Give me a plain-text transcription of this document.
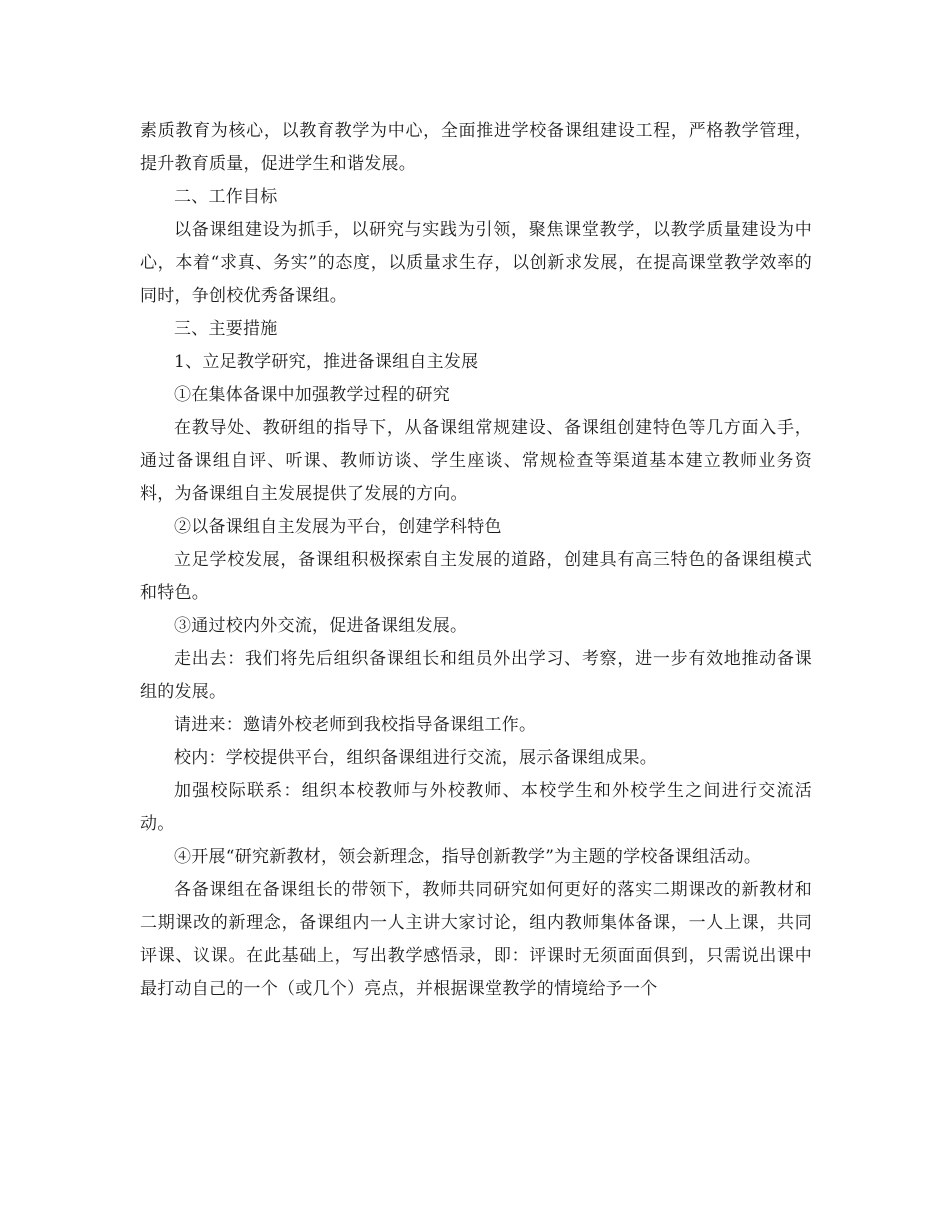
素质教育为核心，以教育教学为中心，全面推进学校备课组建设工程，严格教学管理，提升教育质量，促进学生和谐发展。

二、工作目标

以备课组建设为抓手，以研究与实践为引领，聚焦课堂教学，以教学质量建设为中心，本着“求真、务实”的态度，以质量求生存，以创新求发展，在提高课堂教学效率的同时，争创校优秀备课组。

三、主要措施

1、立足教学研究，推进备课组自主发展

①在集体备课中加强教学过程的研究

在教导处、教研组的指导下，从备课组常规建设、备课组创建特色等几方面入手，通过备课组自评、听课、教师访谈、学生座谈、常规检查等渠道基本建立教师业务资料，为备课组自主发展提供了发展的方向。

②以备课组自主发展为平台，创建学科特色

立足学校发展，备课组积极探索自主发展的道路，创建具有高三特色的备课组模式和特色。

③通过校内外交流，促进备课组发展。

走出去：我们将先后组织备课组长和组员外出学习、考察，进一步有效地推动备课组的发展。

请进来：邀请外校老师到我校指导备课组工作。

校内：学校提供平台，组织备课组进行交流，展示备课组成果。

加强校际联系：组织本校教师与外校教师、本校学生和外校学生之间进行交流活动。

④开展“研究新教材，领会新理念，指导创新教学”为主题的学校备课组活动。

各备课组在备课组长的带领下，教师共同研究如何更好的落实二期课改的新教材和二期课改的新理念，备课组内一人主讲大家讨论，组内教师集体备课，一人上课，共同评课、议课。在此基础上，写出教学感悟录，即：评课时无须面面俱到，只需说出课中最打动自己的一个（或几个）亮点，并根据课堂教学的情境给予一个
